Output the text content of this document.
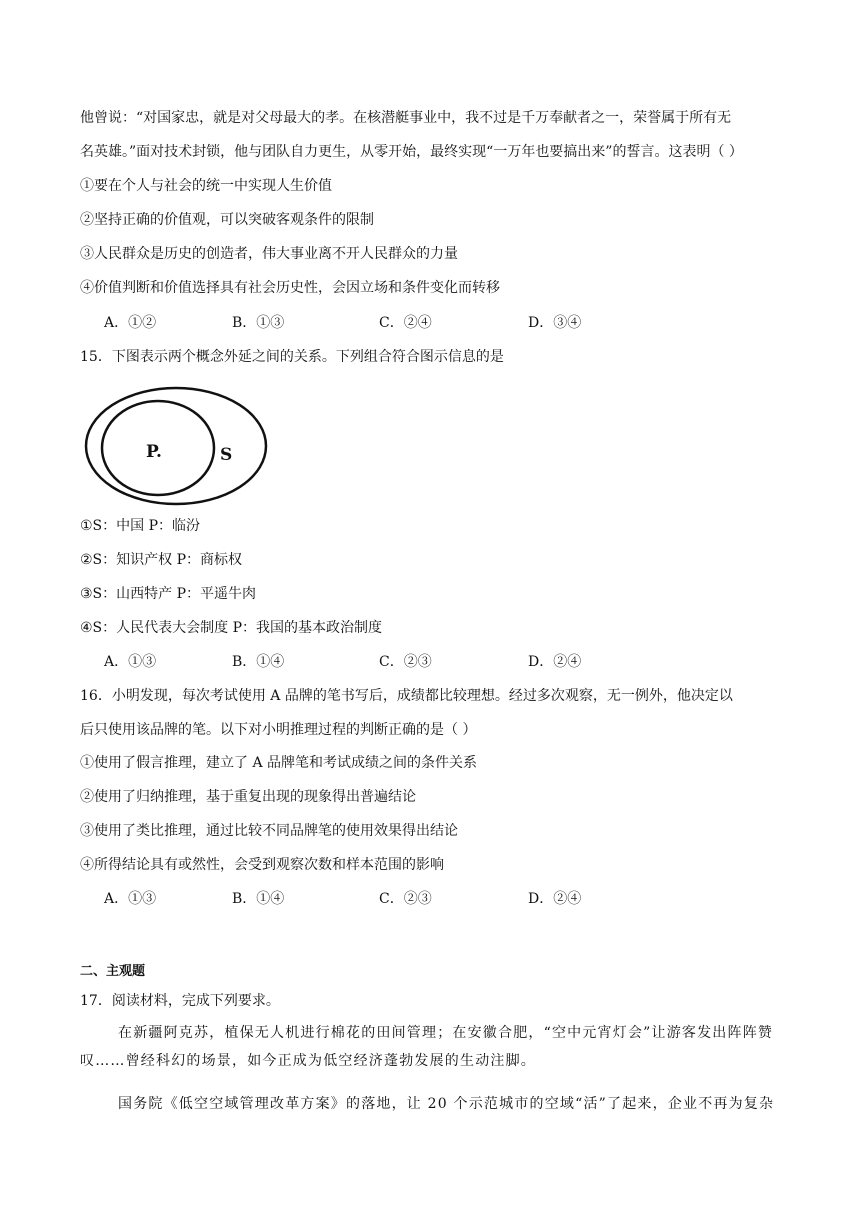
他曾说：“对国家忠，就是对父母最大的孝。在核潜艇事业中，我不过是千万奉献者之一，荣誉属于所有无
名英雄。”面对技术封锁，他与团队自力更生，从零开始，最终实现“一万年也要搞出来”的誓言。这表明（ ）
①要在个人与社会的统一中实现人生价值
②坚持正确的价值观，可以突破客观条件的限制
③人民群众是历史的创造者，伟大事业离不开人民群众的力量
④价值判断和价值选择具有社会历史性，会因立场和条件变化而转移
A．①②	B．①③	C．②④	D．③④
15．下图表示两个概念外延之间的关系。下列组合符合图示信息的是
P.	S
①S：中国 P：临汾
②S：知识产权 P：商标权
③S：山西特产 P：平遥牛肉
④S：人民代表大会制度 P：我国的基本政治制度
A．①③	B．①④	C．②③	D．②④
16．小明发现，每次考试使用 A 品牌的笔书写后，成绩都比较理想。经过多次观察，无一例外，他决定以
后只使用该品牌的笔。以下对小明推理过程的判断正确的是（ ）
①使用了假言推理，建立了 A 品牌笔和考试成绩之间的条件关系
②使用了归纳推理，基于重复出现的现象得出普遍结论
③使用了类比推理，通过比较不同品牌笔的使用效果得出结论
④所得结论具有或然性，会受到观察次数和样本范围的影响
A．①③	B．①④	C．②③	D．②④
二、主观题
17．阅读材料，完成下列要求。
在新疆阿克苏，植保无人机进行棉花的田间管理；在安徽合肥，“空中元宵灯会”让游客发出阵阵赞叹……曾经科幻的场景，如今正成为低空经济蓬勃发展的生动注脚。
国务院《低空空域管理改革方案》的落地，让 20 个示范城市的空域“活”了起来，企业不再为复杂
